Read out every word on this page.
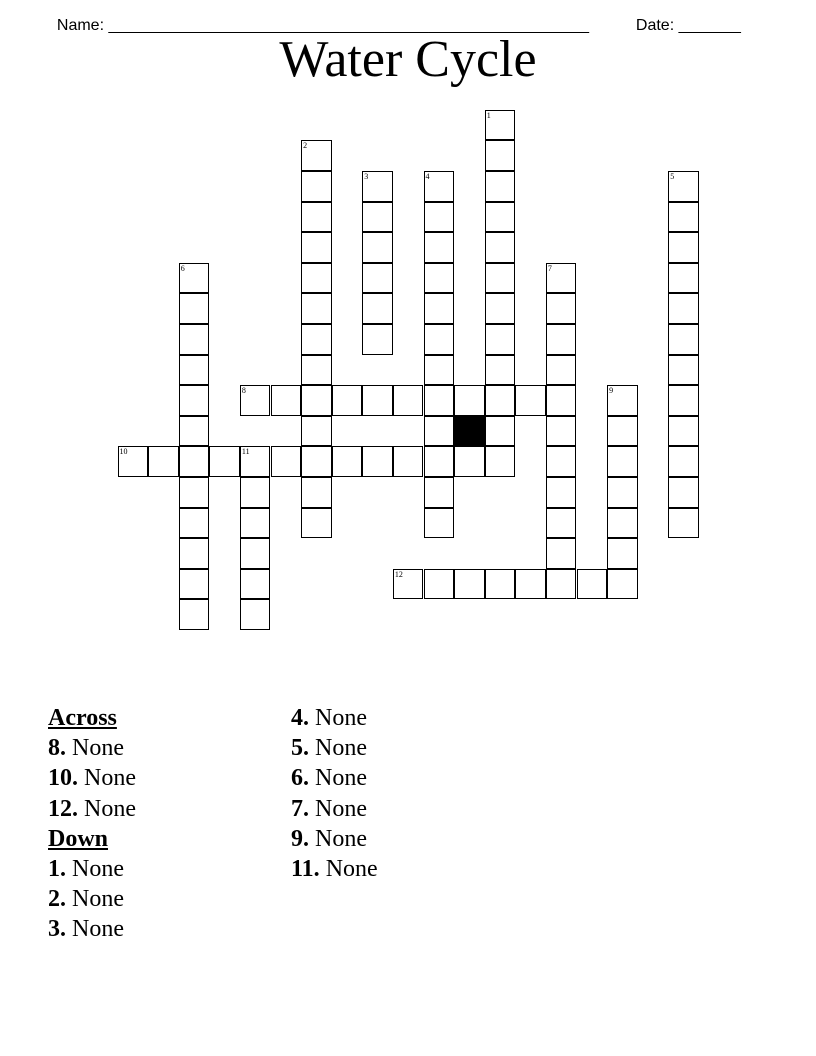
Name: ______________________________________________________	Date: _______

Water Cycle
1
2
3	4	5
6	7
8	9
10	11
12
Across
8. None
10. None
12. None
Down
1. None
2. None
3. None
4. None
5. None
6. None
7. None
9. None
11. None
